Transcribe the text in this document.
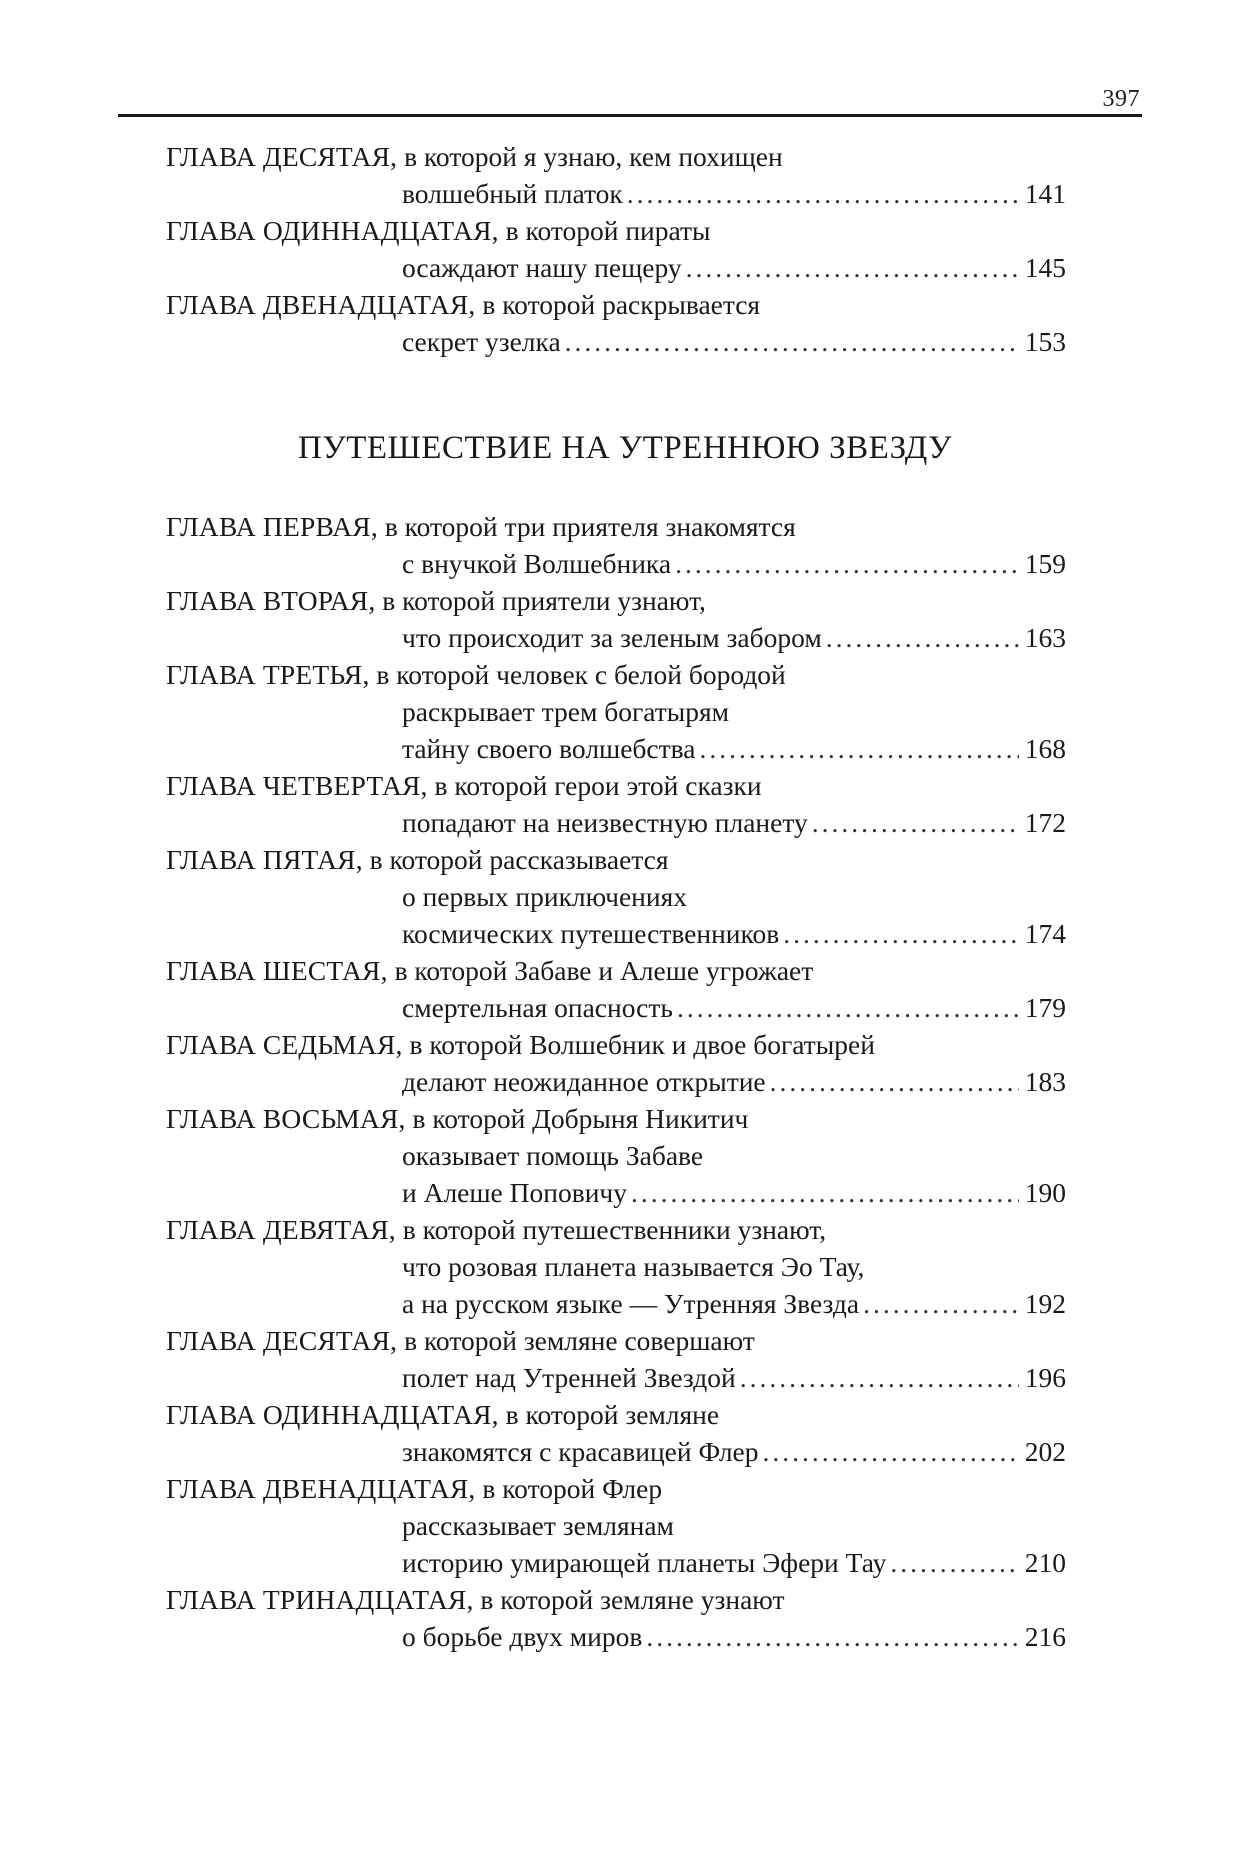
397
ГЛАВА ДЕСЯТАЯ, в которой я узнаю, кем похищен
волшебный платок .....	141
ГЛАВА ОДИННАДЦАТАЯ, в которой пираты
осаждают нашу пещеру .....	145
ГЛАВА ДВЕНАДЦАТАЯ, в которой раскрывается
секрет узелка .....	153
ПУТЕШЕСТВИЕ НА УТРЕННЮЮ ЗВЕЗДУ
ГЛАВА ПЕРВАЯ, в которой три приятеля знакомятся
с внучкой Волшебника .....	159
ГЛАВА ВТОРАЯ, в которой приятели узнают,
что происходит за зеленым забором .....	163
ГЛАВА ТРЕТЬЯ, в которой человек с белой бородой
раскрывает трем богатырям
тайну своего волшебства .....	168
ГЛАВА ЧЕТВЕРТАЯ, в которой герои этой сказки
попадают на неизвестную планету .....	172
ГЛАВА ПЯТАЯ, в которой рассказывается
о первых приключениях
космических путешественников .....	174
ГЛАВА ШЕСТАЯ, в которой Забаве и Алеше угрожает
смертельная опасность .....	179
ГЛАВА СЕДЬМАЯ, в которой Волшебник и двое богатырей
делают неожиданное открытие .....	183
ГЛАВА ВОСЬМАЯ, в которой Добрыня Никитич
оказывает помощь Забаве
и Алеше Поповичу .....	190
ГЛАВА ДЕВЯТАЯ, в которой путешественники узнают,
что розовая планета называется Эо Тау,
а на русском языке — Утренняя Звезда .....	192
ГЛАВА ДЕСЯТАЯ, в которой земляне совершают
полет над Утренней Звездой .....	196
ГЛАВА ОДИННАДЦАТАЯ, в которой земляне
знакомятся с красавицей Флер .....	202
ГЛАВА ДВЕНАДЦАТАЯ, в которой Флер
рассказывает землянам
историю умирающей планеты Эфери Тау .....	210
ГЛАВА ТРИНАДЦАТАЯ, в которой земляне узнают
о борьбе двух миров .....	216
